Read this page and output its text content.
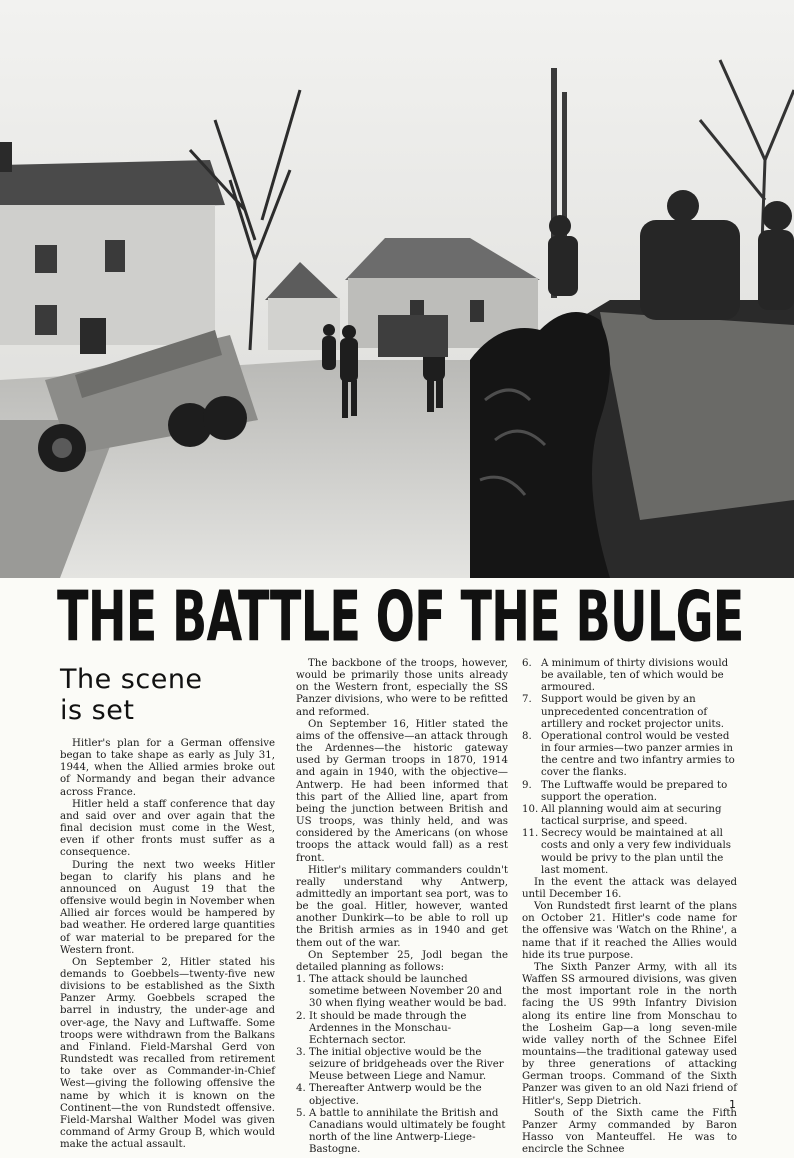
THE BATTLE OF THE BULGE
The scene
is set

Hitler's plan for a German offensive began to take shape as early as July 31, 1944, when the Allied armies broke out of Normandy and began their advance across France.

Hitler held a staff conference that day and said over and over again that the final decision must come in the West, even if other fronts must suffer as a consequence.

During the next two weeks Hitler began to clarify his plans and he announced on August 19 that the offensive would begin in November when Allied air forces would be hampered by bad weather. He ordered large quantities of war material to be prepared for the Western front.

On September 2, Hitler stated his demands to Goebbels—twenty-five new divisions to be established as the Sixth Panzer Army. Goebbels scraped the barrel in industry, the under-age and over-age, the Navy and Luftwaffe. Some troops were withdrawn from the Balkans and Finland. Field-Marshal Gerd von Rundstedt was recalled from retirement to take over as Commander-in-Chief West—giving the following offensive the name by which it is known on the Continent—the von Rundstedt offensive. Field-Marshal Walther Model was given command of Army Group B, which would make the actual assault.

The backbone of the troops, however, would be primarily those units already on the Western front, especially the SS Panzer divisions, who were to be refitted and reformed.

On September 16, Hitler stated the aims of the offensive—an attack through the Ardennes—the historic gateway used by German troops in 1870, 1914 and again in 1940, with the objective—Antwerp. He had been informed that this part of the Allied line, apart from being the junction between British and US troops, was thinly held, and was considered by the Americans (on whose troops the attack would fall) as a rest front.

Hitler's military commanders couldn't really understand why Antwerp, admittedly an important sea port, was to be the goal. Hitler, however, wanted another Dunkirk—to be able to roll up the British armies as in 1940 and get them out of the war.

On September 25, Jodl began the detailed planning as follows:

1. The attack should be launched sometime between November 20 and 30 when flying weather would be bad.
2. It should be made through the Ardennes in the Monschau-Echternach sector.
3. The initial objective would be the seizure of bridgeheads over the River Meuse between Liege and Namur.
4. Thereafter Antwerp would be the objective.
5. A battle to annihilate the British and Canadians would ultimately be fought north of the line Antwerp-Liege-Bastogne.
6. A minimum of thirty divisions would be available, ten of which would be armoured.
7. Support would be given by an unprecedented concentration of artillery and rocket projector units.
8. Operational control would be vested in four armies—two panzer armies in the centre and two infantry armies to cover the flanks.
9. The Luftwaffe would be prepared to support the operation.
10. All planning would aim at securing tactical surprise, and speed.
11. Secrecy would be maintained at all costs and only a very few individuals would be privy to the plan until the last moment.

In the event the attack was delayed until December 16.

Von Rundstedt first learnt of the plans on October 21. Hitler's code name for the offensive was 'Watch on the Rhine', a name that if it reached the Allies would hide its true purpose.

The Sixth Panzer Army, with all its Waffen SS armoured divisions, was given the most important role in the north facing the US 99th Infantry Division along its entire line from Monschau to the Losheim Gap—a long seven-mile wide valley north of the Schnee Eifel mountains—the traditional gateway used by three generations of attacking German troops. Command of the Sixth Panzer was given to an old Nazi friend of Hitler's, Sepp Dietrich.

South of the Sixth came the Fifth Panzer Army commanded by Baron Hasso von Manteuffel. He was to encircle the Schnee

1
